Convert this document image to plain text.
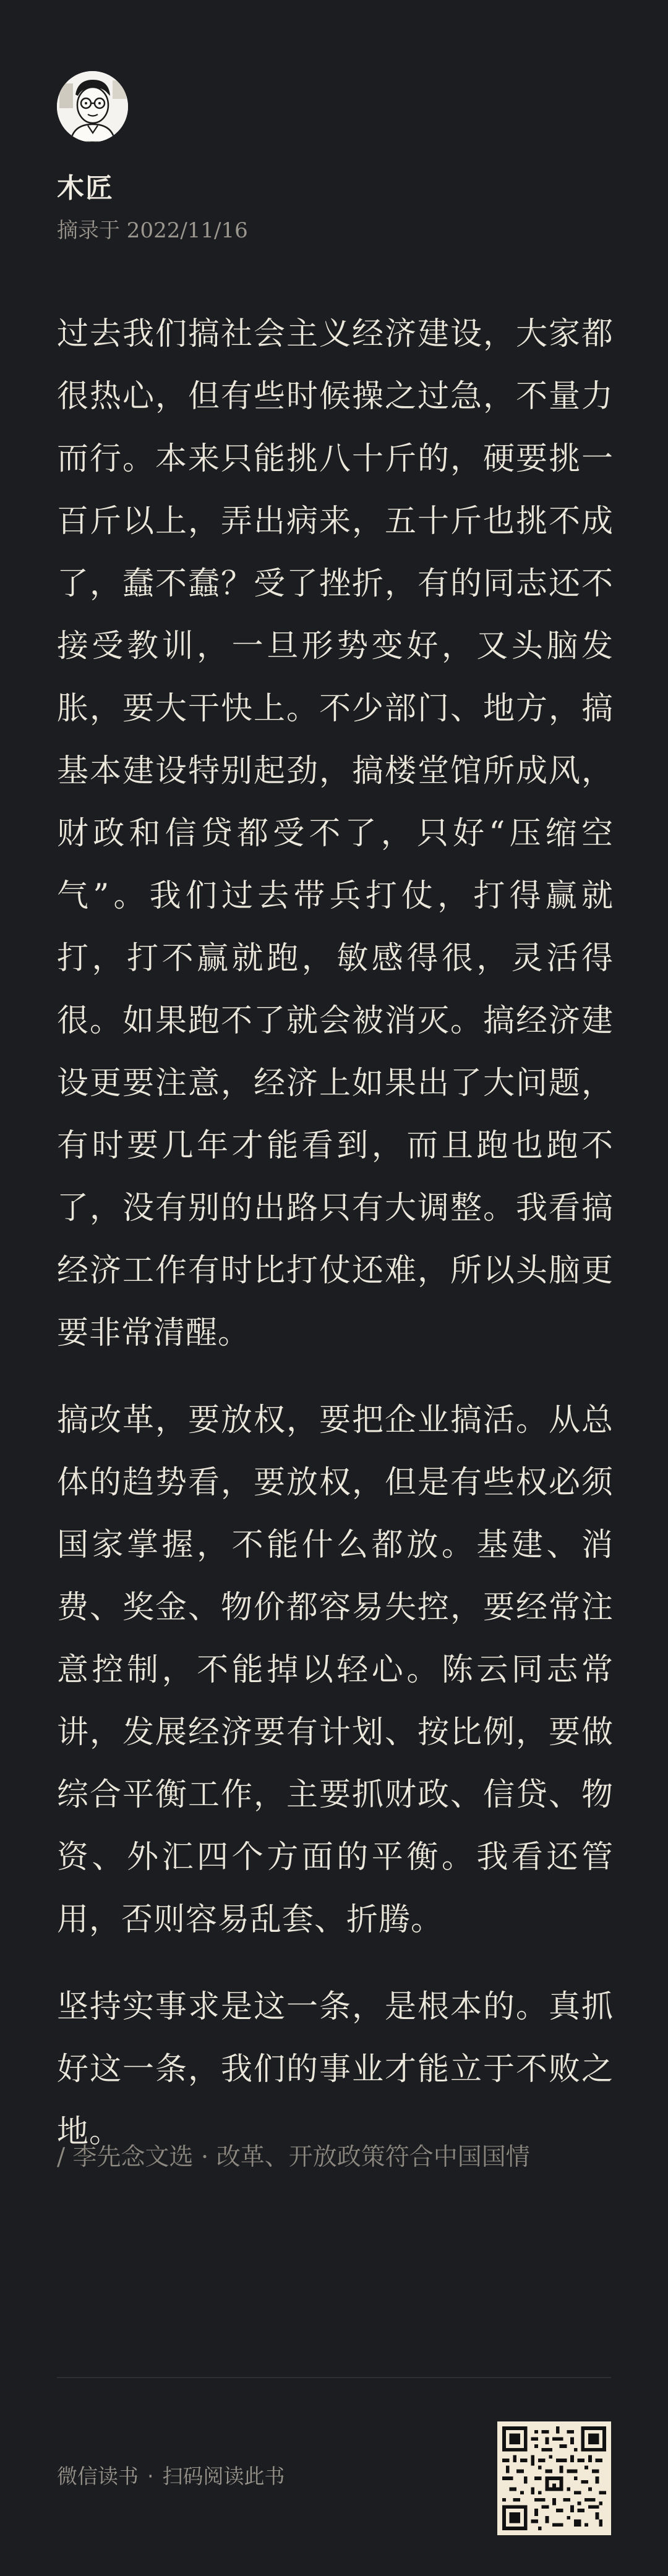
木匠
摘录于 2022/11/16

过去我们搞社会主义经济建设，大家都很热心，但有些时候操之过急，不量力而行。本来只能挑八十斤的，硬要挑一百斤以上，弄出病来，五十斤也挑不成了，蠢不蠢？受了挫折，有的同志还不接受教训，一旦形势变好，又头脑发胀，要大干快上。不少部门、地方，搞基本建设特别起劲，搞楼堂馆所成风，财政和信贷都受不了，只好“压缩空气”。我们过去带兵打仗，打得赢就打，打不赢就跑，敏感得很，灵活得很。如果跑不了就会被消灭。搞经济建设更要注意，经济上如果出了大问题，有时要几年才能看到，而且跑也跑不了，没有别的出路只有大调整。我看搞经济工作有时比打仗还难，所以头脑更要非常清醒。

搞改革，要放权，要把企业搞活。从总体的趋势看，要放权，但是有些权必须国家掌握，不能什么都放。基建、消费、奖金、物价都容易失控，要经常注意控制，不能掉以轻心。陈云同志常讲，发展经济要有计划、按比例，要做综合平衡工作，主要抓财政、信贷、物资、外汇四个方面的平衡。我看还管用，否则容易乱套、折腾。

坚持实事求是这一条，是根本的。真抓好这一条，我们的事业才能立于不败之地。

/ 李先念文选 · 改革、开放政策符合中国国情
微信读书 · 扫码阅读此书
